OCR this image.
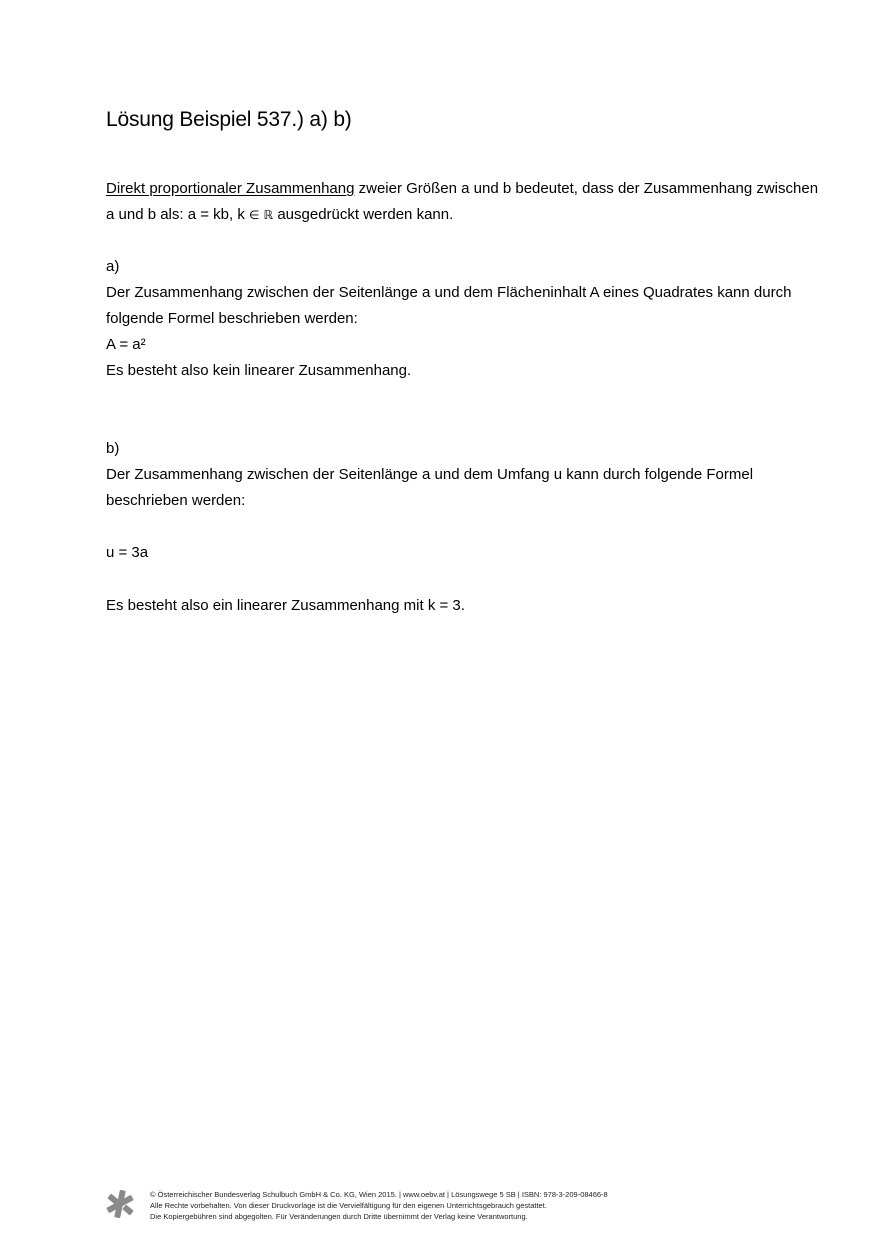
Lösung Beispiel 537.) a) b)
Direkt proportionaler Zusammenhang zweier Größen a und b bedeutet, dass der Zusammenhang zwischen
a und b als: a = kb, k ∈ ℝ ausgedrückt werden kann.
a)
Der Zusammenhang zwischen der Seitenlänge a und dem Flächeninhalt A eines Quadrates kann durch
folgende Formel beschrieben werden:
A = a²
Es besteht also kein linearer Zusammenhang.
b)
Der Zusammenhang zwischen der Seitenlänge a und dem Umfang u kann durch folgende Formel
beschrieben werden:
u = 3a
Es besteht also ein linearer Zusammenhang mit k = 3.
© Österreichischer Bundesverlag Schulbuch GmbH & Co. KG, Wien 2015. | www.oebv.at | Lösungswege 5 SB | ISBN: 978-3-209-08466-8
Alle Rechte vorbehalten. Von dieser Druckvorlage ist die Vervielfältigung für den eigenen Unterrichtsgebrauch gestattet.
Die Kopiergebühren sind abgegolten. Für Veränderungen durch Dritte übernimmt der Verlag keine Verantwortung.
